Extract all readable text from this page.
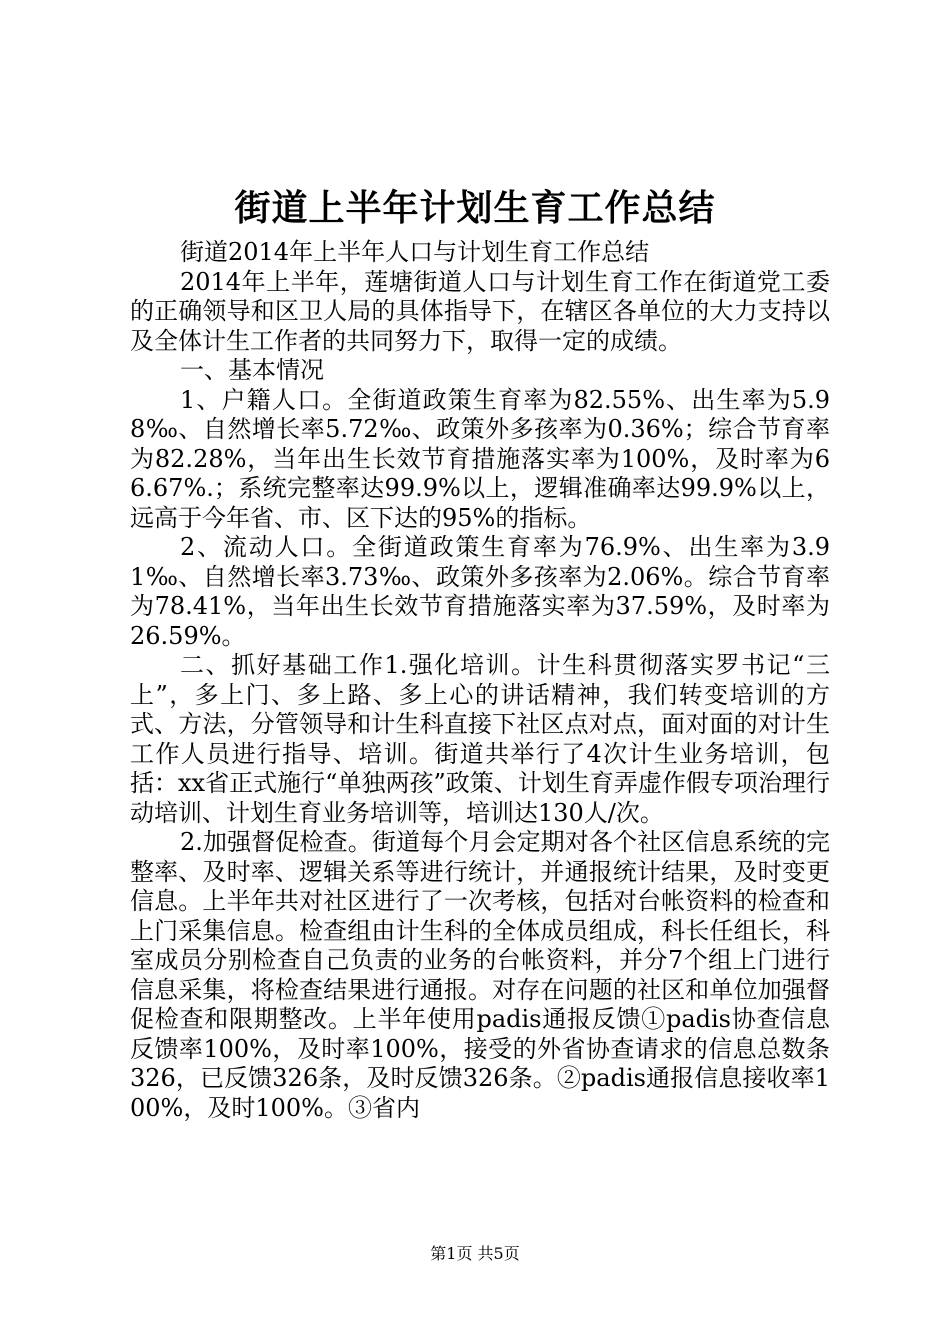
街道上半年计划生育工作总结

街道2014年上半年人口与计划生育工作总结

2014年上半年，莲塘街道人口与计划生育工作在街道党工委的正确领导和区卫人局的具体指导下，在辖区各单位的大力支持以及全体计生工作者的共同努力下，取得一定的成绩。

一、基本情况

1、户籍人口。全街道政策生育率为82.55%、出生率为5.98‰、自然增长率5.72‰、政策外多孩率为0.36%；综合节育率为82.28%，当年出生长效节育措施落实率为100%，及时率为66.67%.；系统完整率达99.9%以上，逻辑准确率达99.9%以上，远高于今年省、市、区下达的95%的指标。

2、流动人口。全街道政策生育率为76.9%、出生率为3.91‰、自然增长率3.73‰、政策外多孩率为2.06%。综合节育率为78.41%，当年出生长效节育措施落实率为37.59%，及时率为26.59%。

二、抓好基础工作1.强化培训。计生科贯彻落实罗书记“三上”，多上门、多上路、多上心的讲话精神，我们转变培训的方式、方法，分管领导和计生科直接下社区点对点，面对面的对计生工作人员进行指导、培训。街道共举行了4次计生业务培训，包括：xx省正式施行“单独两孩”政策、计划生育弄虚作假专项治理行动培训、计划生育业务培训等，培训达130人/次。

2.加强督促检查。街道每个月会定期对各个社区信息系统的完整率、及时率、逻辑关系等进行统计，并通报统计结果，及时变更信息。上半年共对社区进行了一次考核，包括对台帐资料的检查和上门采集信息。检查组由计生科的全体成员组成，科长任组长，科室成员分别检查自己负责的业务的台帐资料，并分7个组上门进行信息采集，将检查结果进行通报。对存在问题的社区和单位加强督促检查和限期整改。上半年使用padis通报反馈①padis协查信息反馈率100%，及时率100%，接受的外省协查请求的信息总数条326，已反馈326条，及时反馈326条。②padis通报信息接收率100%，及时100%。③省内

第1页 共5页
